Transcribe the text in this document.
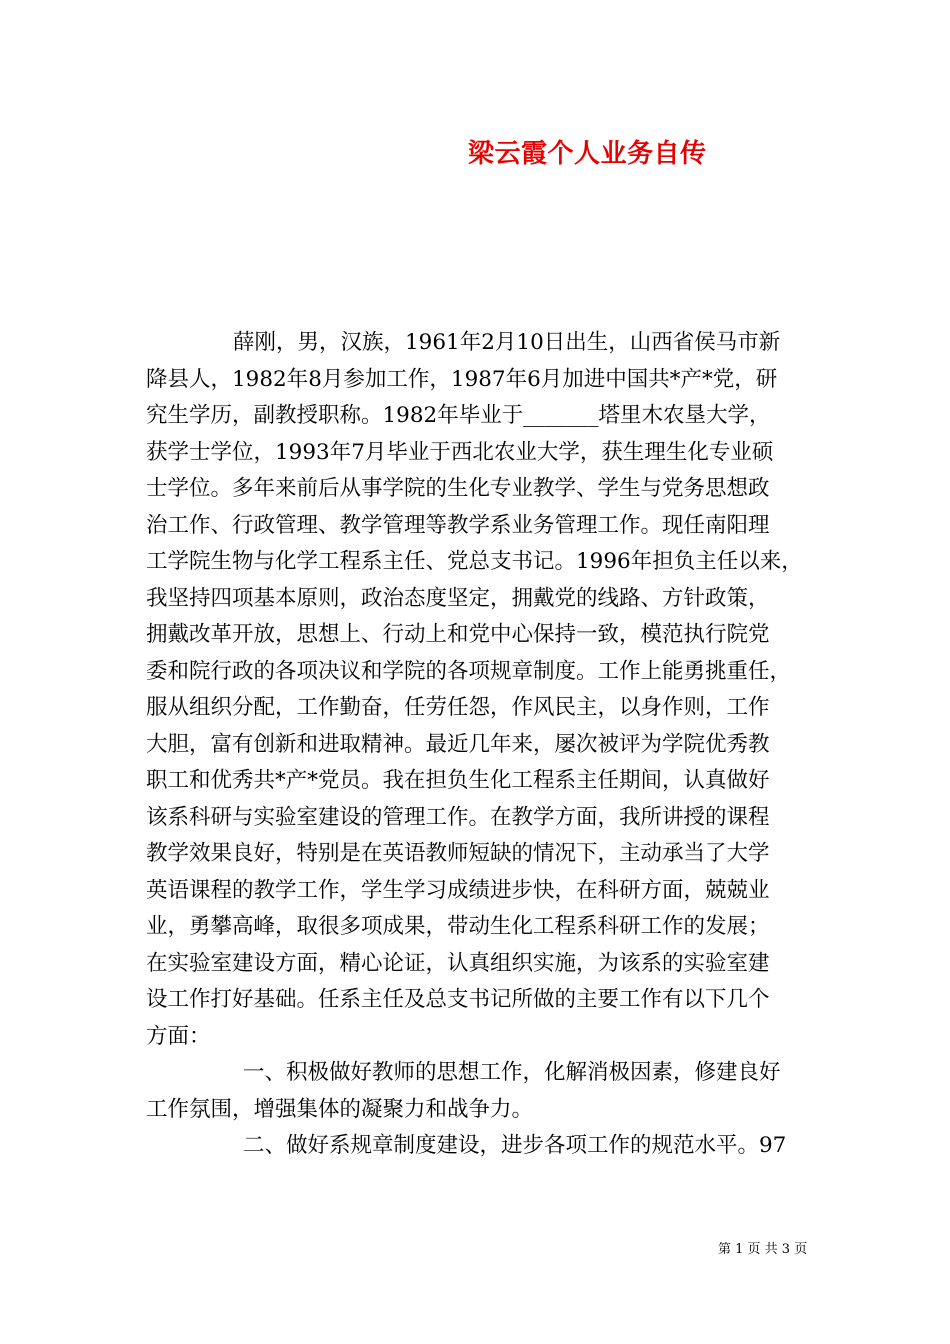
梁云霞个人业务自传
薛刚，男，汉族，1961年2月10日出生，山西省侯马市新
降县人，1982年8月参加工作，1987年6月加进中国共*产*党，研
究生学历，副教授职称。1982年毕业于_______塔里木农垦大学，
获学士学位，1993年7月毕业于西北农业大学，获生理生化专业硕
士学位。多年来前后从事学院的生化专业教学、学生与党务思想政
治工作、行政管理、教学管理等教学系业务管理工作。现任南阳理
工学院生物与化学工程系主任、党总支书记。1996年担负主任以来，
我坚持四项基本原则，政治态度坚定，拥戴党的线路、方针政策，
拥戴改革开放，思想上、行动上和党中心保持一致，模范执行院党
委和院行政的各项决议和学院的各项规章制度。工作上能勇挑重任，
服从组织分配，工作勤奋，任劳任怨，作风民主，以身作则，工作
大胆，富有创新和进取精神。最近几年来，屡次被评为学院优秀教
职工和优秀共*产*党员。我在担负生化工程系主任期间，认真做好
该系科研与实验室建设的管理工作。在教学方面，我所讲授的课程
教学效果良好，特别是在英语教师短缺的情况下，主动承当了大学
英语课程的教学工作，学生学习成绩进步快，在科研方面，兢兢业
业，勇攀高峰，取很多项成果，带动生化工程系科研工作的发展；
在实验室建设方面，精心论证，认真组织实施，为该系的实验室建
设工作打好基础。任系主任及总支书记所做的主要工作有以下几个
方面：
一、积极做好教师的思想工作，化解消极因素，修建良好
工作氛围，增强集体的凝聚力和战争力。
二、做好系规章制度建设，进步各项工作的规范水平。97
第 1 页 共 3 页
